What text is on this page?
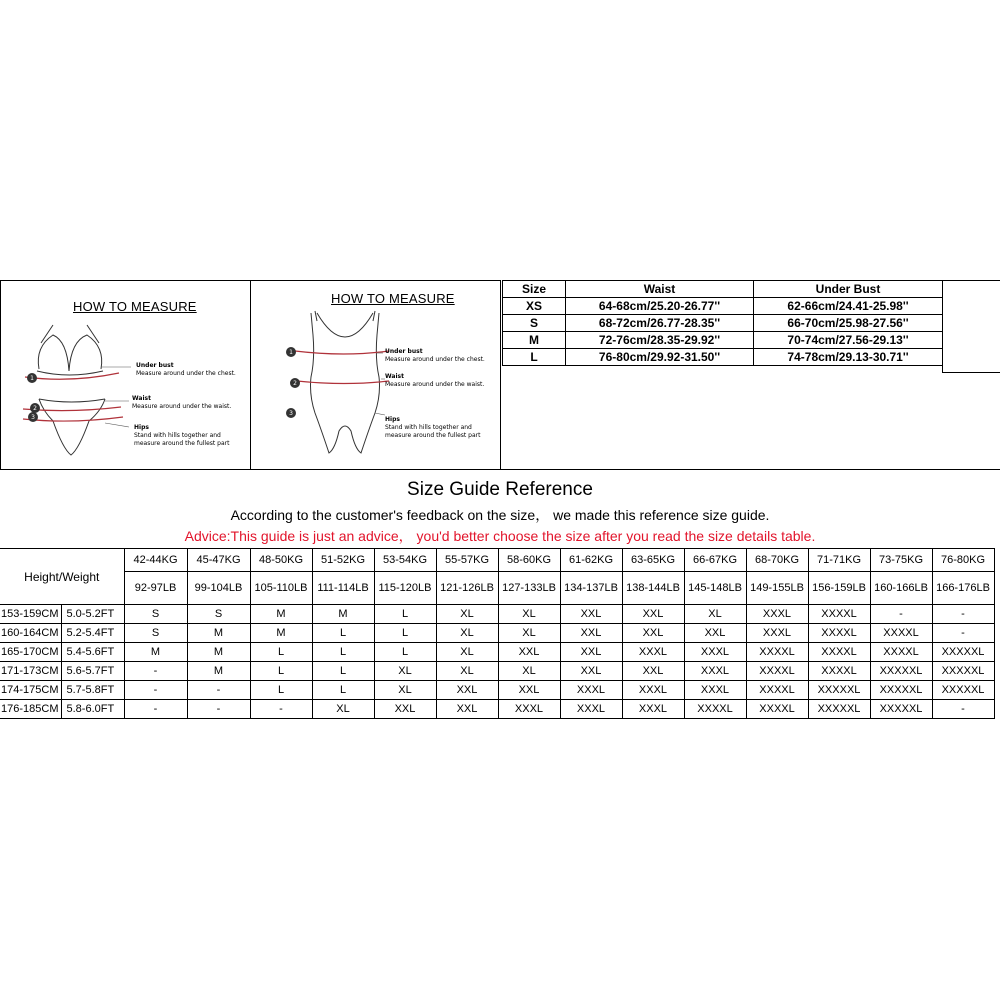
HOW TO MEASURE
1
2
3
Under bust
Measure around under the chest.
Waist
Measure around under the waist.
Hips
Stand with hills together and measure around the fullest part
HOW TO MEASURE
1
2
3
Under bust
Measure around under the chest.
Waist
Measure around under the waist.
Hips
Stand with hills together and measure around the fullest part
Size	Waist	Under Bust
XS	64-68cm/25.20-26.77''	62-66cm/24.41-25.98''
S	68-72cm/26.77-28.35''	66-70cm/25.98-27.56''
M	72-76cm/28.35-29.92''	70-74cm/27.56-29.13''
L	76-80cm/29.92-31.50''	74-78cm/29.13-30.71''
Size Guide Reference
According to the customer's feedback on the size， we made this reference size guide.
Advice:This guide is just an advice， you'd better choose the size after you read the size details table.
Height/Weight		42-44KG	45-47KG	48-50KG	51-52KG	53-54KG	55-57KG	58-60KG	61-62KG	63-65KG	66-67KG	68-70KG	71-71KG	73-75KG	76-80KG
		92-97LB	99-104LB	105-110LB	111-114LB	115-120LB	121-126LB	127-133LB	134-137LB	138-144LB	145-148LB	149-155LB	156-159LB	160-166LB	166-176LB
153-159CM	5.0-5.2FT	S	S	M	M	L	XL	XL	XXL	XXL	XL	XXXL	XXXXL	-	-
160-164CM	5.2-5.4FT	S	M	M	L	L	XL	XL	XXL	XXL	XXL	XXXL	XXXXL	XXXXL	-
165-170CM	5.4-5.6FT	M	M	L	L	L	XL	XXL	XXL	XXXL	XXXL	XXXXL	XXXXL	XXXXL	XXXXXL
171-173CM	5.6-5.7FT	-	M	L	L	XL	XL	XL	XXL	XXL	XXXL	XXXXL	XXXXL	XXXXXL	XXXXXL
174-175CM	5.7-5.8FT	-	-	L	L	XL	XXL	XXL	XXXL	XXXL	XXXL	XXXXL	XXXXXL	XXXXXL	XXXXXL
176-185CM	5.8-6.0FT	-	-	-	XL	XXL	XXL	XXXL	XXXL	XXXL	XXXXL	XXXXL	XXXXXL	XXXXXL	-
